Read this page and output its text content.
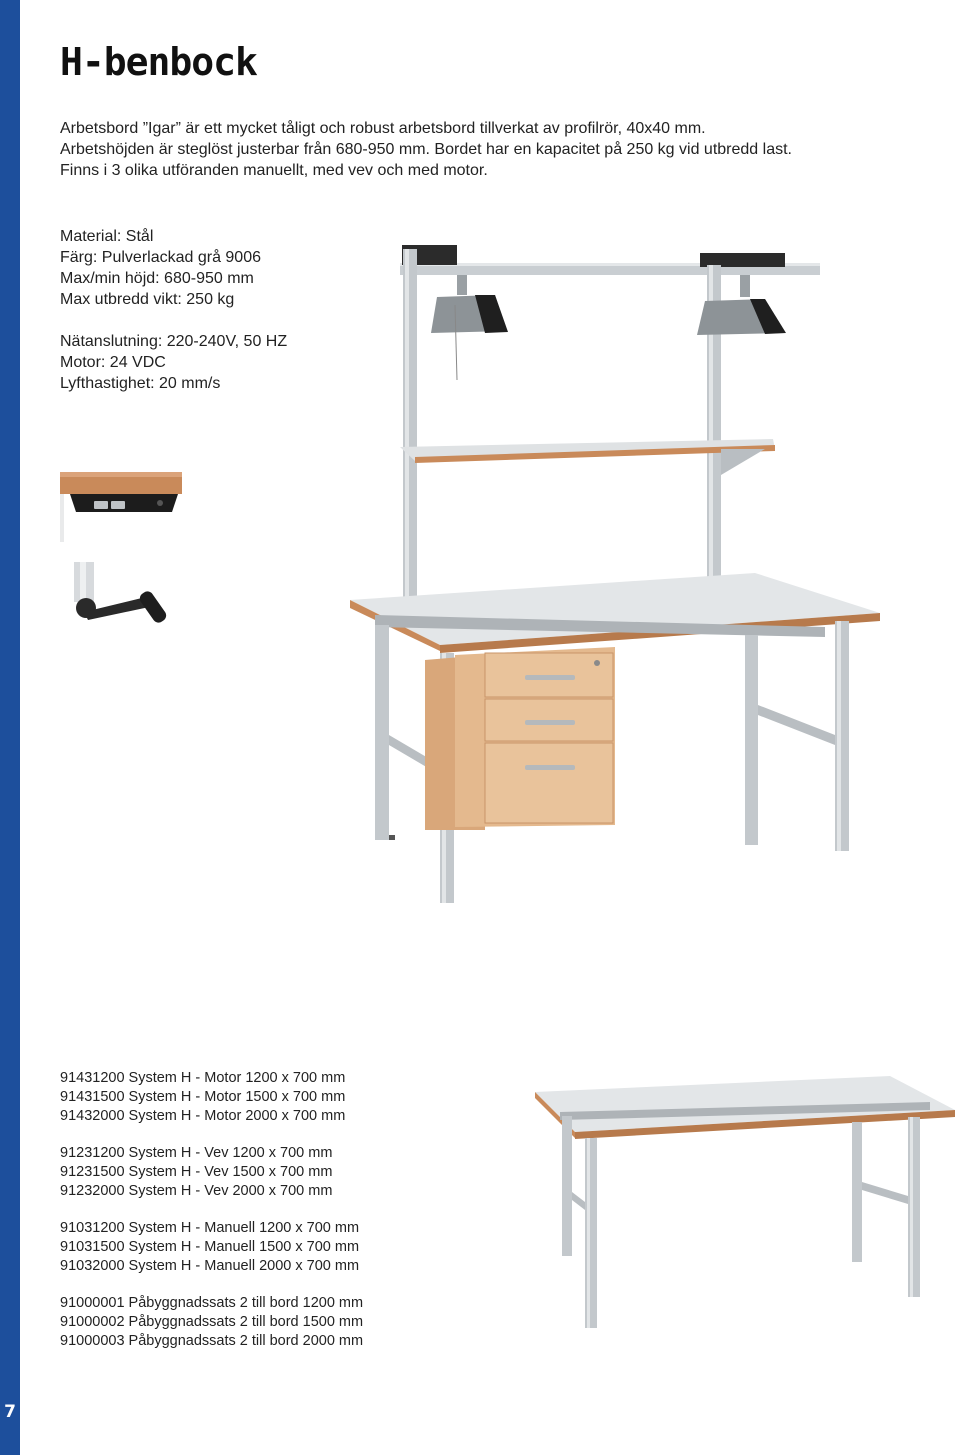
7
H-benbock
Arbetsbord ”Igar” är ett mycket tåligt och robust arbetsbord tillverkat av profilrör, 40x40 mm.
Arbetshöjden är steglöst justerbar från 680-950 mm. Bordet har en kapacitet på 250 kg vid utbredd last.
Finns i 3 olika utföranden manuellt, med vev och med motor.
Material: Stål
Färg: Pulverlackad grå 9006
Max/min höjd: 680-950 mm
Max utbredd vikt: 250 kg
Nätanslutning: 220-240V, 50 HZ
Motor: 24 VDC
Lyfthastighet: 20 mm/s
91431200 System H - Motor 1200 x 700 mm
91431500 System H - Motor 1500 x 700 mm
91432000 System H - Motor 2000 x 700 mm
91231200 System H - Vev 1200 x 700 mm
91231500 System H - Vev 1500 x 700 mm
91232000 System H - Vev 2000 x 700 mm
91031200 System H - Manuell 1200 x 700 mm
91031500 System H - Manuell 1500 x 700 mm
91032000 System H - Manuell 2000 x 700 mm
91000001 Påbyggnadssats 2 till bord 1200 mm
91000002 Påbyggnadssats 2 till bord 1500 mm
91000003 Påbyggnadssats 2 till bord 2000 mm
